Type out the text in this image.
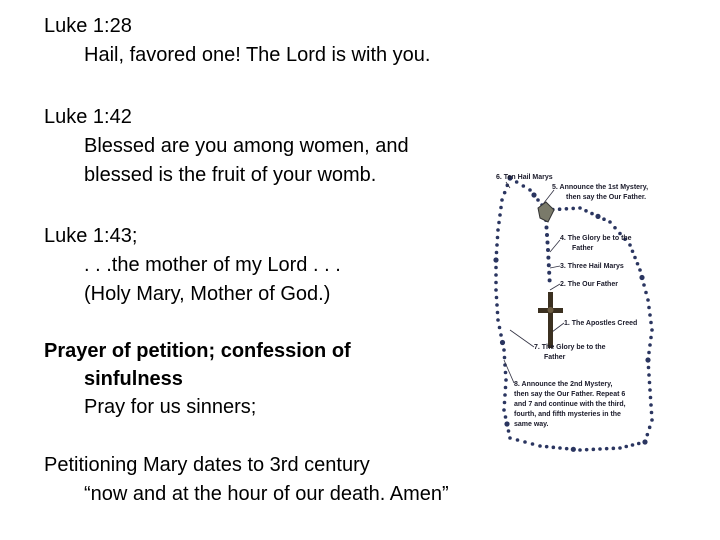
Luke 1:28
Hail, favored one! The Lord is with you.
Luke 1:42
Blessed are you among women, and
blessed is the fruit of your womb.
Luke 1:43;
. . .the mother of my Lord . . .
(Holy Mary, Mother of God.)
Prayer of petition; confession of
sinfulness
Pray for us sinners;
Petitioning Mary dates to 3rd century
“now and at the hour of our death. Amen”
6. Ten Hail Marys
5. Announce the 1st Mystery,
then say the Our Father.
4. The Glory be to the
Father
3. Three Hail Marys
2. The Our Father
1. The Apostles Creed
7. The Glory be to the
Father
8. Announce the 2nd Mystery,
then say the Our Father. Repeat 6
and 7 and continue with the third,
fourth, and fifth mysteries in the
same way.
